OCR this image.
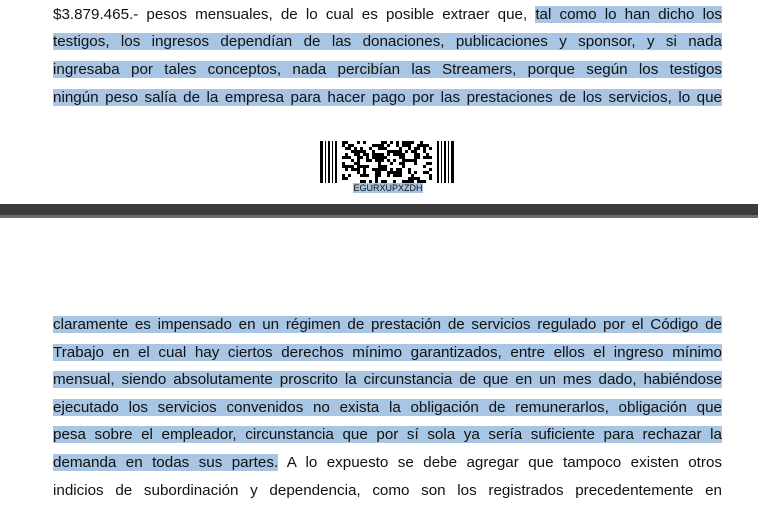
$3.879.465.- pesos mensuales, de lo cual es posible extraer que, tal como lo han dicho los
testigos, los ingresos dependían de las donaciones, publicaciones y sponsor, y si nada
ingresaba por tales conceptos, nada percibían las Streamers, porque según los testigos
ningún peso salía de la empresa para hacer pago por las prestaciones de los servicios, lo que
EGURXUPXZDH
claramente es impensado en un régimen de prestación de servicios regulado por el Código de
Trabajo en el cual hay ciertos derechos mínimo garantizados, entre ellos el ingreso mínimo
mensual, siendo absolutamente proscrito la circunstancia de que en un mes dado, habiéndose
ejecutado los servicios convenidos no exista la obligación de remunerarlos, obligación que
pesa sobre el empleador, circunstancia que por sí sola ya sería suficiente para rechazar la
demanda en todas sus partes. A lo expuesto se debe agregar que tampoco existen otros
indicios de subordinación y dependencia, como son los registrados precedentemente en
